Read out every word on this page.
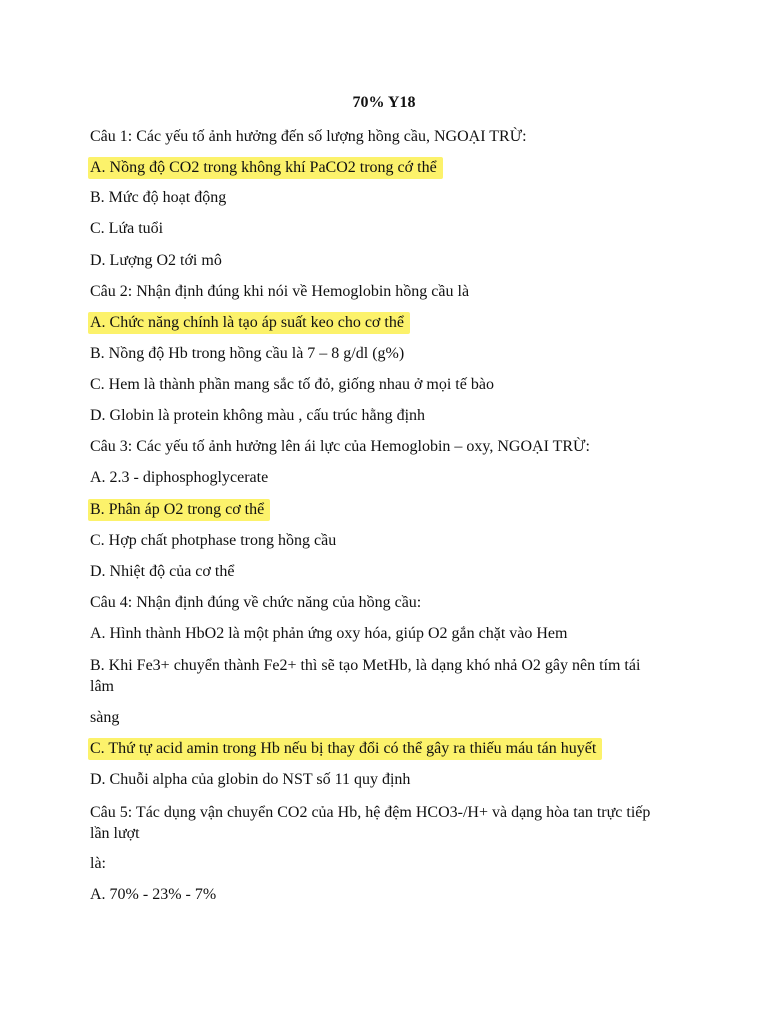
70% Y18
Câu 1: Các yếu tố ảnh hưởng đến số lượng hồng cầu, NGOẠI TRỪ:
A. Nồng độ CO2 trong không khí PaCO2 trong cớ thể
B. Mức độ hoạt động
C. Lứa tuổi
D. Lượng O2 tới mô
Câu 2: Nhận định đúng khi nói về Hemoglobin hồng cầu là
A. Chức năng chính là tạo áp suất keo cho cơ thể
B. Nồng độ Hb trong hồng cầu là 7 – 8 g/dl (g%)
C. Hem là thành phần mang sắc tố đỏ, giống nhau ở mọi tế bào
D. Globin là protein không màu , cấu trúc hằng định
Câu 3: Các yếu tố ảnh hưởng lên ái lực của Hemoglobin – oxy, NGOẠI TRỪ:
A. 2.3 - diphosphoglycerate
B. Phân áp O2 trong cơ thể
C. Hợp chất photphase trong hồng cầu
D. Nhiệt độ của cơ thể
Câu 4: Nhận định đúng về chức năng của hồng cầu:
A. Hình thành HbO2 là một phản ứng oxy hóa, giúp O2 gắn chặt vào Hem
B. Khi Fe3+ chuyển thành Fe2+ thì sẽ tạo MetHb, là dạng khó nhả O2 gây nên tím tái lâm
sàng
C. Thứ tự acid amin trong Hb nếu bị thay đổi có thể gây ra thiếu máu tán huyết
D. Chuỗi alpha của globin do NST số 11 quy định
Câu 5: Tác dụng vận chuyển CO2 của Hb, hệ đệm HCO3-/H+ và dạng hòa tan trực tiếp lần lượt
là:
A. 70% - 23% - 7%
